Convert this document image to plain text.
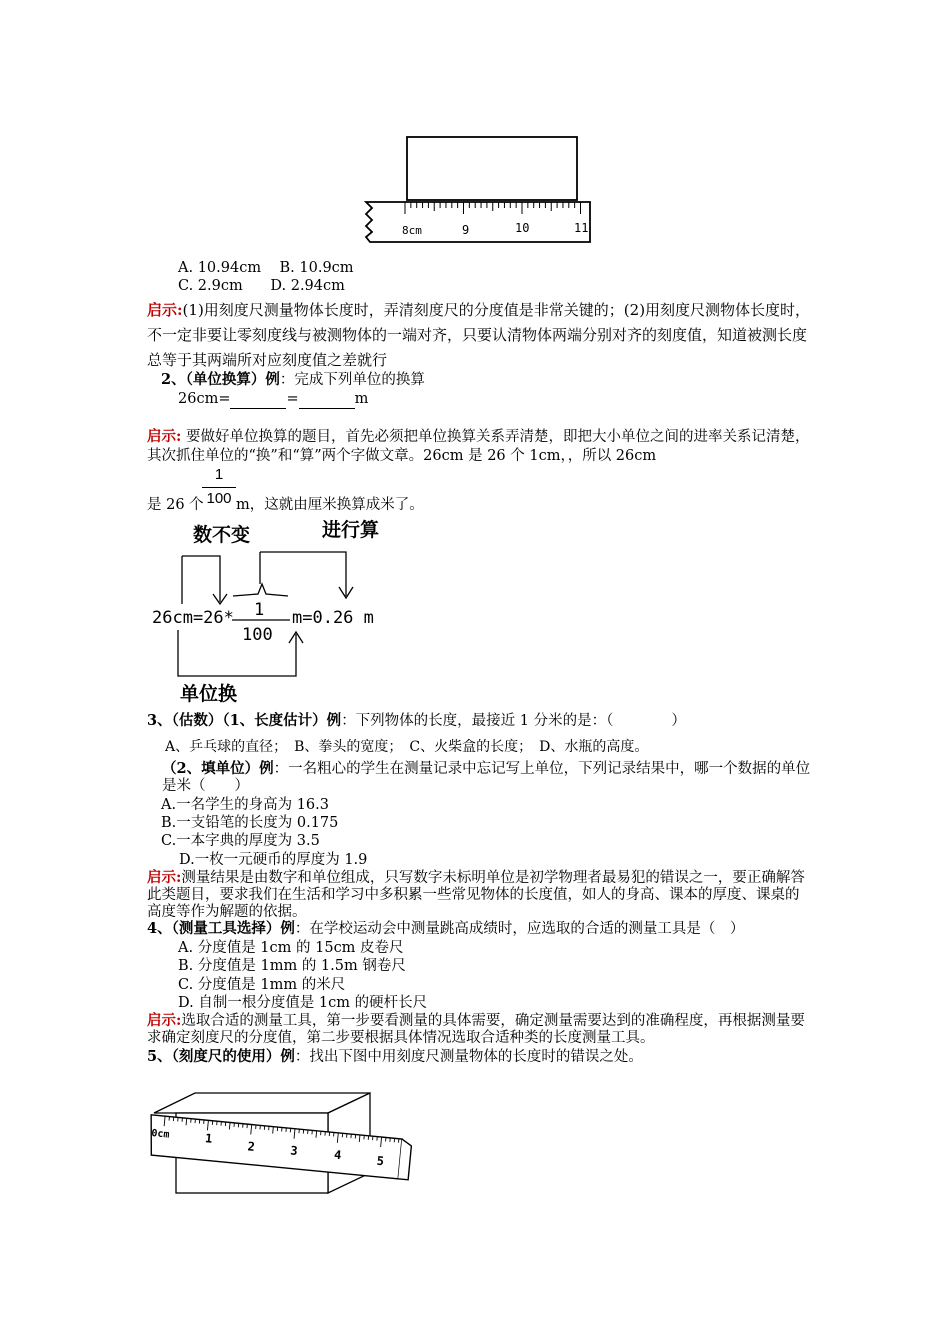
8cm	9	10	11
A. 10.94cm B. 10.9cm
C. 2.9cm D. 2.94cm
启示:(1)用刻度尺测量物体长度时，弄清刻度尺的分度值是非常关键的；(2)用刻度尺测物体长度时，不一定非要让零刻度线与被测物体的一端对齐，只要认清物体两端分别对齐的刻度值，知道被测长度总等于其两端所对应刻度值之差就行
2、（单位换算）例：完成下列单位的换算
26cm=	=	m
启示: 要做好单位换算的题目，首先必须把单位换算关系弄清楚，即把大小单位之间的进率关系记清楚，其次抓住单位的“换”和“算”两个字做文章。26cm 是 26 个 1cm，，所以 26cm
1
100
是 26 个 m，这就由厘米换算成米了。
数不变	进行算
单位换
26cm=26* 1
100
m=0.26 m
3、（估数）（1、长度估计）例：下列物体的长度，最接近 1 分米的是：（　　　　）
A、乒乓球的直径；　B、拳头的宽度；　C、火柴盒的长度；　D、水瓶的高度。
（2、填单位）例：一名粗心的学生在测量记录中忘记写上单位，下列记录结果中，哪一个数据的单位是米（　　）
A.一名学生的身高为 16.3
B.一支铅笔的长度为 0.175
C.一本字典的厚度为 3.5
D.一枚一元硬币的厚度为 1.9
启示:测量结果是由数字和单位组成，只写数字未标明单位是初学物理者最易犯的错误之一，要正确解答此类题目，要求我们在生活和学习中多积累一些常见物体的长度值，如人的身高、课本的厚度、课桌的高度等作为解题的依据。
4、（测量工具选择）例：在学校运动会中测量跳高成绩时，应选取的合适的测量工具是（　）
A. 分度值是 1cm 的 15cm 皮卷尺
B. 分度值是 1mm 的 1.5m 钢卷尺
C. 分度值是 1mm 的米尺
D. 自制一根分度值是 1cm 的硬杆长尺
启示:选取合适的测量工具，第一步要看测量的具体需要，确定测量需要达到的准确程度，再根据测量要求确定刻度尺的分度值，第二步要根据具体情况选取合适种类的长度测量工具。
5、（刻度尺的使用）例：找出下图中用刻度尺测量物体的长度时的错误之处。
0cm	1
2	3	4	5
